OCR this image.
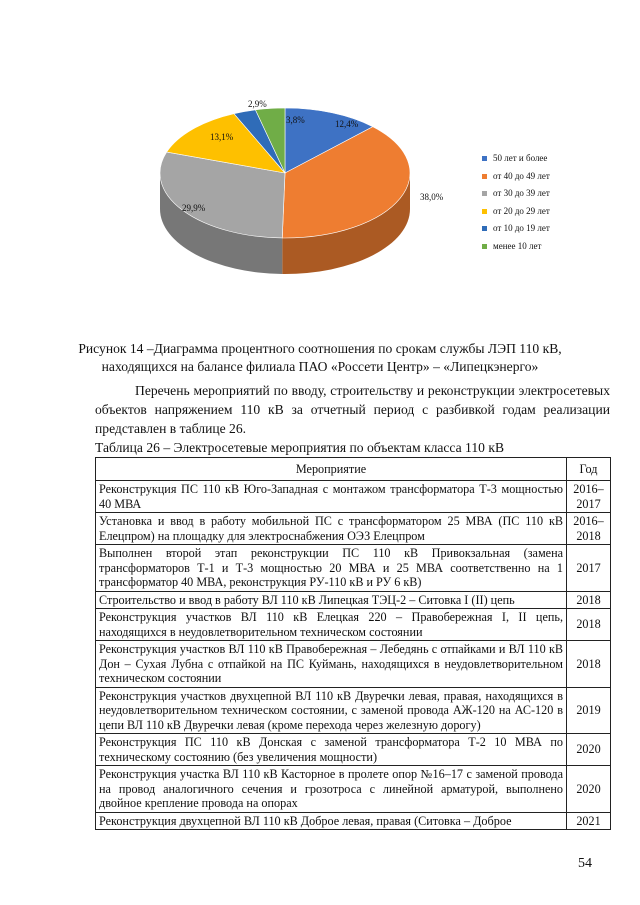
12,4%
38,0%
29,9%
13,1%
2,9%
3,8%
50 лет и более
от 40 до 49 лет
от 30 до 39 лет
от 20 до 29 лет
от 10 до 19 лет
менее 10 лет
Рисунок 14 –Диаграмма процентного соотношения по срокам службы ЛЭП 110 кВ, находящихся на балансе филиала ПАО «Россети Центр» – «Липецкэнерго»

Перечень мероприятий по вводу, строительству и реконструкции электросетевых объектов напряжением 110 кВ за отчетный период с разбивкой годам реализации представлен в таблице 26.

Таблица 26 – Электросетевые мероприятия по объектам класса 110 кВ
Мероприятие	Год
Реконструкция ПС 110 кВ Юго-Западная с монтажом трансформатора Т-3 мощностью 40 МВА	2016–2017
Установка и ввод в работу мобильной ПС с трансформатором 25 МВА (ПС 110 кВ Елецпром) на площадку для электроснабжения ОЭЗ Елецпром	2016–2018
Выполнен второй этап реконструкции ПС 110 кВ Привокзальная (замена трансформаторов Т-1 и Т-3 мощностью 20 МВА и 25 МВА соответственно на 1 трансформатор 40 МВА, реконструкция РУ-110 кВ и РУ 6 кВ)	2017
Строительство и ввод в работу ВЛ 110 кВ Липецкая ТЭЦ-2 – Ситовка I (II) цепь	2018
Реконструкция участков ВЛ 110 кВ Елецкая 220 – Правобережная I, II цепь, находящихся в неудовлетворительном техническом состоянии	2018
Реконструкция участков ВЛ 110 кВ Правобережная – Лебедянь с отпайками и ВЛ 110 кВ Дон – Сухая Лубна с отпайкой на ПС Куймань, находящихся в неудовлетворительном техническом состоянии	2018
Реконструкция участков двухцепной ВЛ 110 кВ Двуречки левая, правая, находящихся в неудовлетворительном техническом состоянии, с заменой провода АЖ-120 на АС-120 в цепи ВЛ 110 кВ Двуречки левая (кроме перехода через железную дорогу)	2019
Реконструкция ПС 110 кВ Донская с заменой трансформатора Т-2 10 МВА по техническому состоянию (без увеличения мощности)	2020
Реконструкция участка ВЛ 110 кВ Касторное в пролете опор №16–17 с заменой провода на провод аналогичного сечения и грозотроса с линейной арматурой, выполнено двойное крепление провода на опорах	2020
Реконструкция двухцепной ВЛ 110 кВ Доброе левая, правая (Ситовка – Доброе	2021
54
